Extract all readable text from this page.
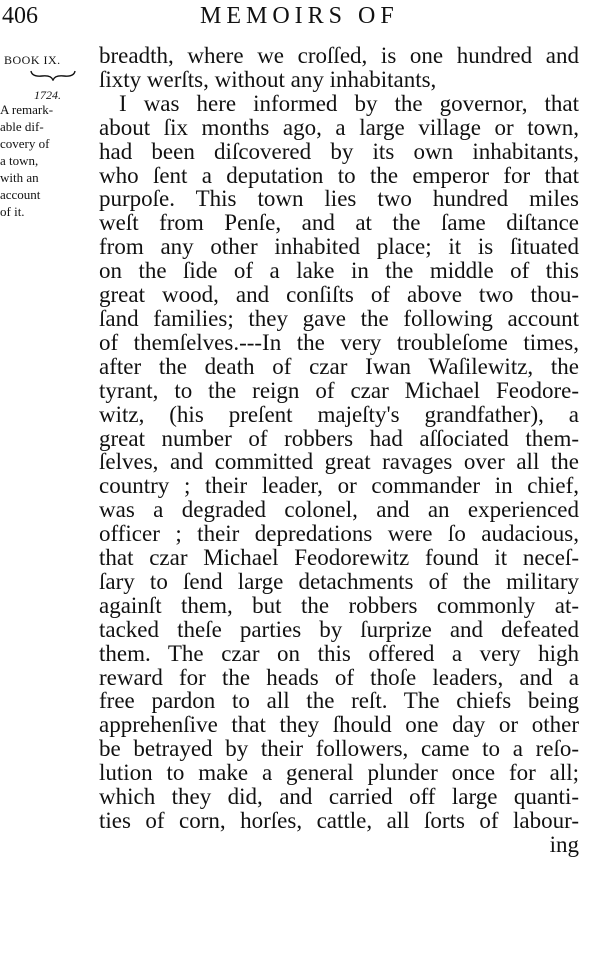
406	MEMOIRS OF
BOOK IX.
1724.
A remark-
able dif-
covery of
a town,
with an
account
of it.
breadth, where we croſſed, is one hundred and
ſixty werſts, without any inhabitants,
I was here informed by the governor, that
about ſix months ago, a large village or town,
had been diſcovered by its own inhabitants,
who ſent a deputation to the emperor for that
purpoſe. This town lies two hundred miles
weſt from Penſe, and at the ſame diſtance
from any other inhabited place; it is ſituated
on the ſide of a lake in the middle of this
great wood, and conſiſts of above two thou-
ſand families; they gave the following account
of themſelves.---In the very troubleſome times,
after the death of czar Iwan Waſilewitz, the
tyrant, to the reign of czar Michael Feodore-
witz, (his preſent majeſty's grandfather), a
great number of robbers had aſſociated them-
ſelves, and committed great ravages over all the
country ; their leader, or commander in chief,
was a degraded colonel, and an experienced
officer ; their depredations were ſo audacious,
that czar Michael Feodorewitz found it neceſ-
ſary to ſend large detachments of the military
againſt them, but the robbers commonly at-
tacked theſe parties by ſurprize and defeated
them. The czar on this offered a very high
reward for the heads of thoſe leaders, and a
free pardon to all the reſt. The chiefs being
apprehenſive that they ſhould one day or other
be betrayed by their followers, came to a reſo-
lution to make a general plunder once for all;
which they did, and carried off large quanti-
ties of corn, horſes, cattle, all ſorts of labour-
ing
